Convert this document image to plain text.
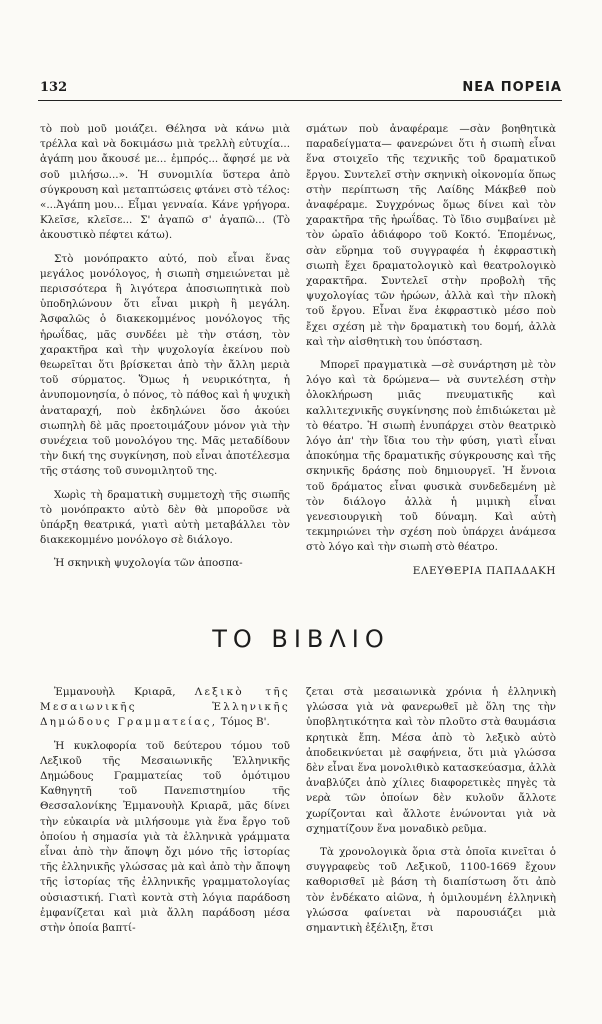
132	ΝΕΑ ΠΟΡΕΙΑ

τὸ ποὺ μοῦ μοιάζει. Θέλησα νὰ κάνω μιὰ τρέλλα καὶ νὰ δοκιμάσω μιὰ τρελλὴ εὐτυχία... ἀγάπη μου ἄκουσέ με... ἐμπρός... ἄφησέ με νὰ σοῦ μιλήσω...». Ἡ συνομιλία ὕστερα ἀπὸ σύγκρουση καὶ μεταπτώσεις φτάνει στὸ τέλος: «...Ἀγάπη μου... Εἶμαι γενναία. Κάνε γρήγορα. Κλεῖσε, κλεῖσε... Σ' ἀγαπῶ σ' ἀγαπῶ... (Τὸ ἀκουστικὸ πέφτει κάτω).

Στὸ μονόπρακτο αὐτό, ποὺ εἶναι ἕνας μεγάλος μονόλογος, ἡ σιωπὴ σημειώνεται μὲ περισσότερα ἢ λιγότερα ἀποσιωπητικὰ ποὺ ὑποδηλώνουν ὅτι εἶναι μικρὴ ἢ μεγάλη. Ἀσφαλῶς ὁ διακεκομμένος μονόλογος τῆς ἡρωΐδας, μᾶς συνδέει μὲ τὴν στάση, τὸν χαρακτῆρα καὶ τὴν ψυχολογία ἐκείνου ποὺ θεωρεῖται ὅτι βρίσκεται ἀπὸ τὴν ἄλλη μεριὰ τοῦ σύρματος. Ὅμως ἡ νευρικότητα, ἡ ἀνυπομονησία, ὁ πόνος, τὸ πάθος καὶ ἡ ψυχικὴ ἀναταραχή, ποὺ ἐκδηλώνει ὅσο ἀκούει σιωπηλὴ δὲ μᾶς προετοιμάζουν μόνον γιὰ τὴν συνέχεια τοῦ μονολόγου της. Μᾶς μεταδίδουν τὴν δική της συγκίνηση, ποὺ εἶναι ἀποτέλεσμα τῆς στάσης τοῦ συνομιλητοῦ της.

Χωρὶς τὴ δραματικὴ συμμετοχὴ τῆς σιωπῆς τὸ μονόπρακτο αὐτὸ δὲν θὰ μποροῦσε νὰ ὑπάρξη θεατρικά, γιατὶ αὐτὴ μεταβάλλει τὸν διακεκομμένο μονόλογο σὲ διάλογο.

Ἡ σκηνικὴ ψυχολογία τῶν ἀποσπα-

σμάτων ποὺ ἀναφέραμε —σὰν βοηθητικὰ παραδείγματα— φανερώνει ὅτι ἡ σιωπὴ εἶναι ἕνα στοιχεῖο τῆς τεχνικῆς τοῦ δραματικοῦ ἔργου. Συντελεῖ στὴν σκηνικὴ οἰκονομία ὅπως στὴν περίπτωση τῆς Λαίδης Μάκβεθ ποὺ ἀναφέραμε. Συγχρόνως ὅμως δίνει καὶ τὸν χαρακτῆρα τῆς ἡρωΐδας. Τὸ ἴδιο συμβαίνει μὲ τὸν ὡραῖο ἀδιάφορο τοῦ Κοκτό. Ἑπομένως, σὰν εὕρημα τοῦ συγγραφέα ἡ ἐκφραστικὴ σιωπὴ ἔχει δραματολογικὸ καὶ θεατρολογικὸ χαρακτῆρα. Συντελεῖ στὴν προβολὴ τῆς ψυχολογίας τῶν ἡρώων, ἀλλὰ καὶ τὴν πλοκὴ τοῦ ἔργου. Εἶναι ἕνα ἐκφραστικὸ μέσο ποὺ ἔχει σχέση μὲ τὴν δραματικὴ του δομή, ἀλλὰ καὶ τὴν αἰσθητικὴ του ὑπόσταση.

Μπορεῖ πραγματικὰ —σὲ συνάρτηση μὲ τὸν λόγο καὶ τὰ δρώμενα— νὰ συντελέση στὴν ὁλοκλήρωση μιᾶς πνευματικῆς καὶ καλλιτεχνικῆς συγκίνησης ποὺ ἐπιδιώκεται μὲ τὸ θέατρο. Ἡ σιωπὴ ἐνυπάρχει στὸν θεατρικὸ λόγο ἀπ' τὴν ἴδια του τὴν φύση, γιατὶ εἶναι ἀποκύημα τῆς δραματικῆς σύγκρουσης καὶ τῆς σκηνικῆς δράσης ποὺ δημιουργεῖ. Ἡ ἔννοια τοῦ δράματος εἶναι φυσικὰ συνδεδεμένη μὲ τὸν διάλογο ἀλλὰ ἡ μιμικὴ εἶναι γενεσιουργικὴ τοῦ δύναμη. Καὶ αὐτὴ τεκμηριώνει τὴν σχέση ποὺ ὑπάρχει ἀνάμεσα στὸ λόγο καὶ τὴν σιωπὴ στὸ θέατρο.

ΕΛΕΥΘΕΡΙΑ ΠΑΠΑΔΑΚΗ
ΤΟ ΒΙΒΛΙΟ

Ἐμμανουὴλ Κριαρᾶ, Λεξικὸ τῆς Μεσαιωνικῆς Ἑλληνικῆς Δημώδους Γραμματείας, Τόμος Β'.

Ἡ κυκλοφορία τοῦ δεύτερου τόμου τοῦ Λεξικοῦ τῆς Μεσαιωνικῆς Ἑλληνικῆς Δημώδους Γραμματείας τοῦ ὁμότιμου Καθηγητῆ τοῦ Πανεπιστημίου τῆς Θεσσαλονίκης Ἐμμανουὴλ Κριαρᾶ, μᾶς δίνει τὴν εὐκαιρία νὰ μιλήσουμε γιὰ ἕνα ἔργο τοῦ ὁποίου ἡ σημασία γιὰ τὰ ἑλληνικὰ γράμματα εἶναι ἀπὸ τὴν ἄποψη ὄχι μόνο τῆς ἱστορίας τῆς ἑλληνικῆς γλώσσας μὰ καὶ ἀπὸ τὴν ἄποψη τῆς ἱστορίας τῆς ἑλληνικῆς γραμματολογίας οὐσιαστική. Γιατὶ κοντὰ στὴ λόγια παράδοση ἐμφανίζεται καὶ μιὰ ἄλλη παράδοση μέσα στὴν ὁποία βαπτί-

ζεται στὰ μεσαιωνικὰ χρόνια ἡ ἑλληνικὴ γλώσσα γιὰ νὰ φανερωθεῖ μὲ ὅλη της τὴν ὑποβλητικότητα καὶ τὸν πλοῦτο στὰ θαυμάσια κρητικὰ ἔπη. Μέσα ἀπὸ τὸ λεξικὸ αὐτὸ ἀποδεικνύεται μὲ σαφήνεια, ὅτι μιὰ γλώσσα δὲν εἶναι ἕνα μονολιθικὸ κατασκεύασμα, ἀλλὰ ἀναβλύζει ἀπὸ χίλιες διαφορετικὲς πηγὲς τὰ νερὰ τῶν ὁποίων δὲν κυλοῦν ἄλλοτε χωρίζονται καὶ ἄλλοτε ἑνώνονται γιὰ νὰ σχηματίζουν ἕνα μοναδικὸ ρεῦμα.

Τὰ χρονολογικὰ ὅρια στὰ ὁποῖα κινεῖται ὁ συγγραφεὺς τοῦ Λεξικοῦ, 1100-1669 ἔχουν καθορισθεῖ μὲ βάση τὴ διαπίστωση ὅτι ἀπὸ τὸν ἑνδέκατο αἰῶνα, ἡ ὁμιλουμένη ἑλληνικὴ γλώσσα φαίνεται νὰ παρουσιάζει μιὰ σημαντικὴ ἐξέλιξη, ἔτσι
